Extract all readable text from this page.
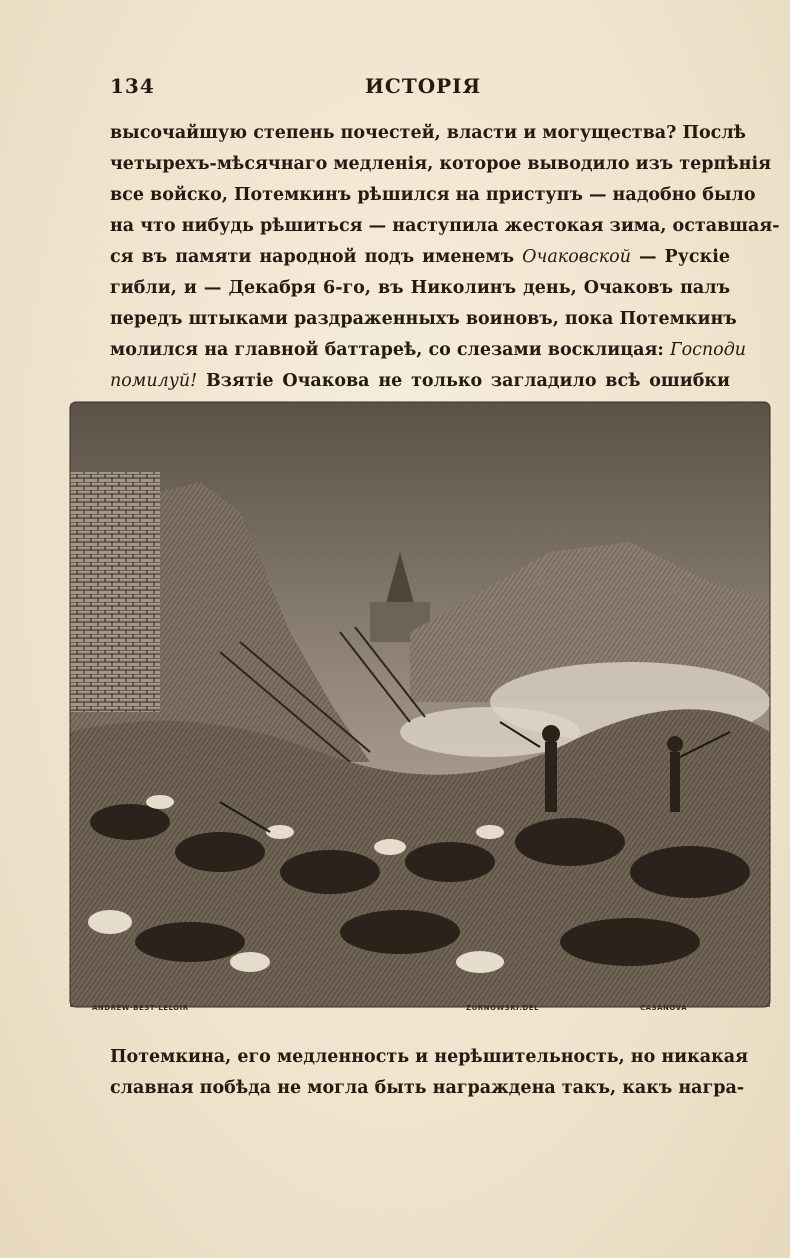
134	ИСТОРІЯ
высочайшую степень почестей, власти и могущества? Послѣ
четырехъ-мѣсячнаго медленія, которое выводило изъ терпѣнія
все войско, Потемкинъ рѣшился на приступъ — надобно было
на что нибудь рѣшиться — наступила жестокая зима, оставшая-
ся въ памяти народной подъ именемъ Очаковской — Рускіе
гибли, и — Декабря 6-го, въ Николинъ день, Очаковъ палъ
передъ штыками раздраженныхъ воиновъ, пока Потемкинъ
молился на главной баттареѣ, со слезами восклицая: Господи
помилуй! Взятіе Очакова не только загладило всѣ ошибки
ANDREW·BEST·LELOIR	ZURNOWSKI.DEL	CASANOVA
Потемкина, его медленность и нерѣшительность, но никакая
славная побѣда не могла быть награждена такъ, какъ награ-
